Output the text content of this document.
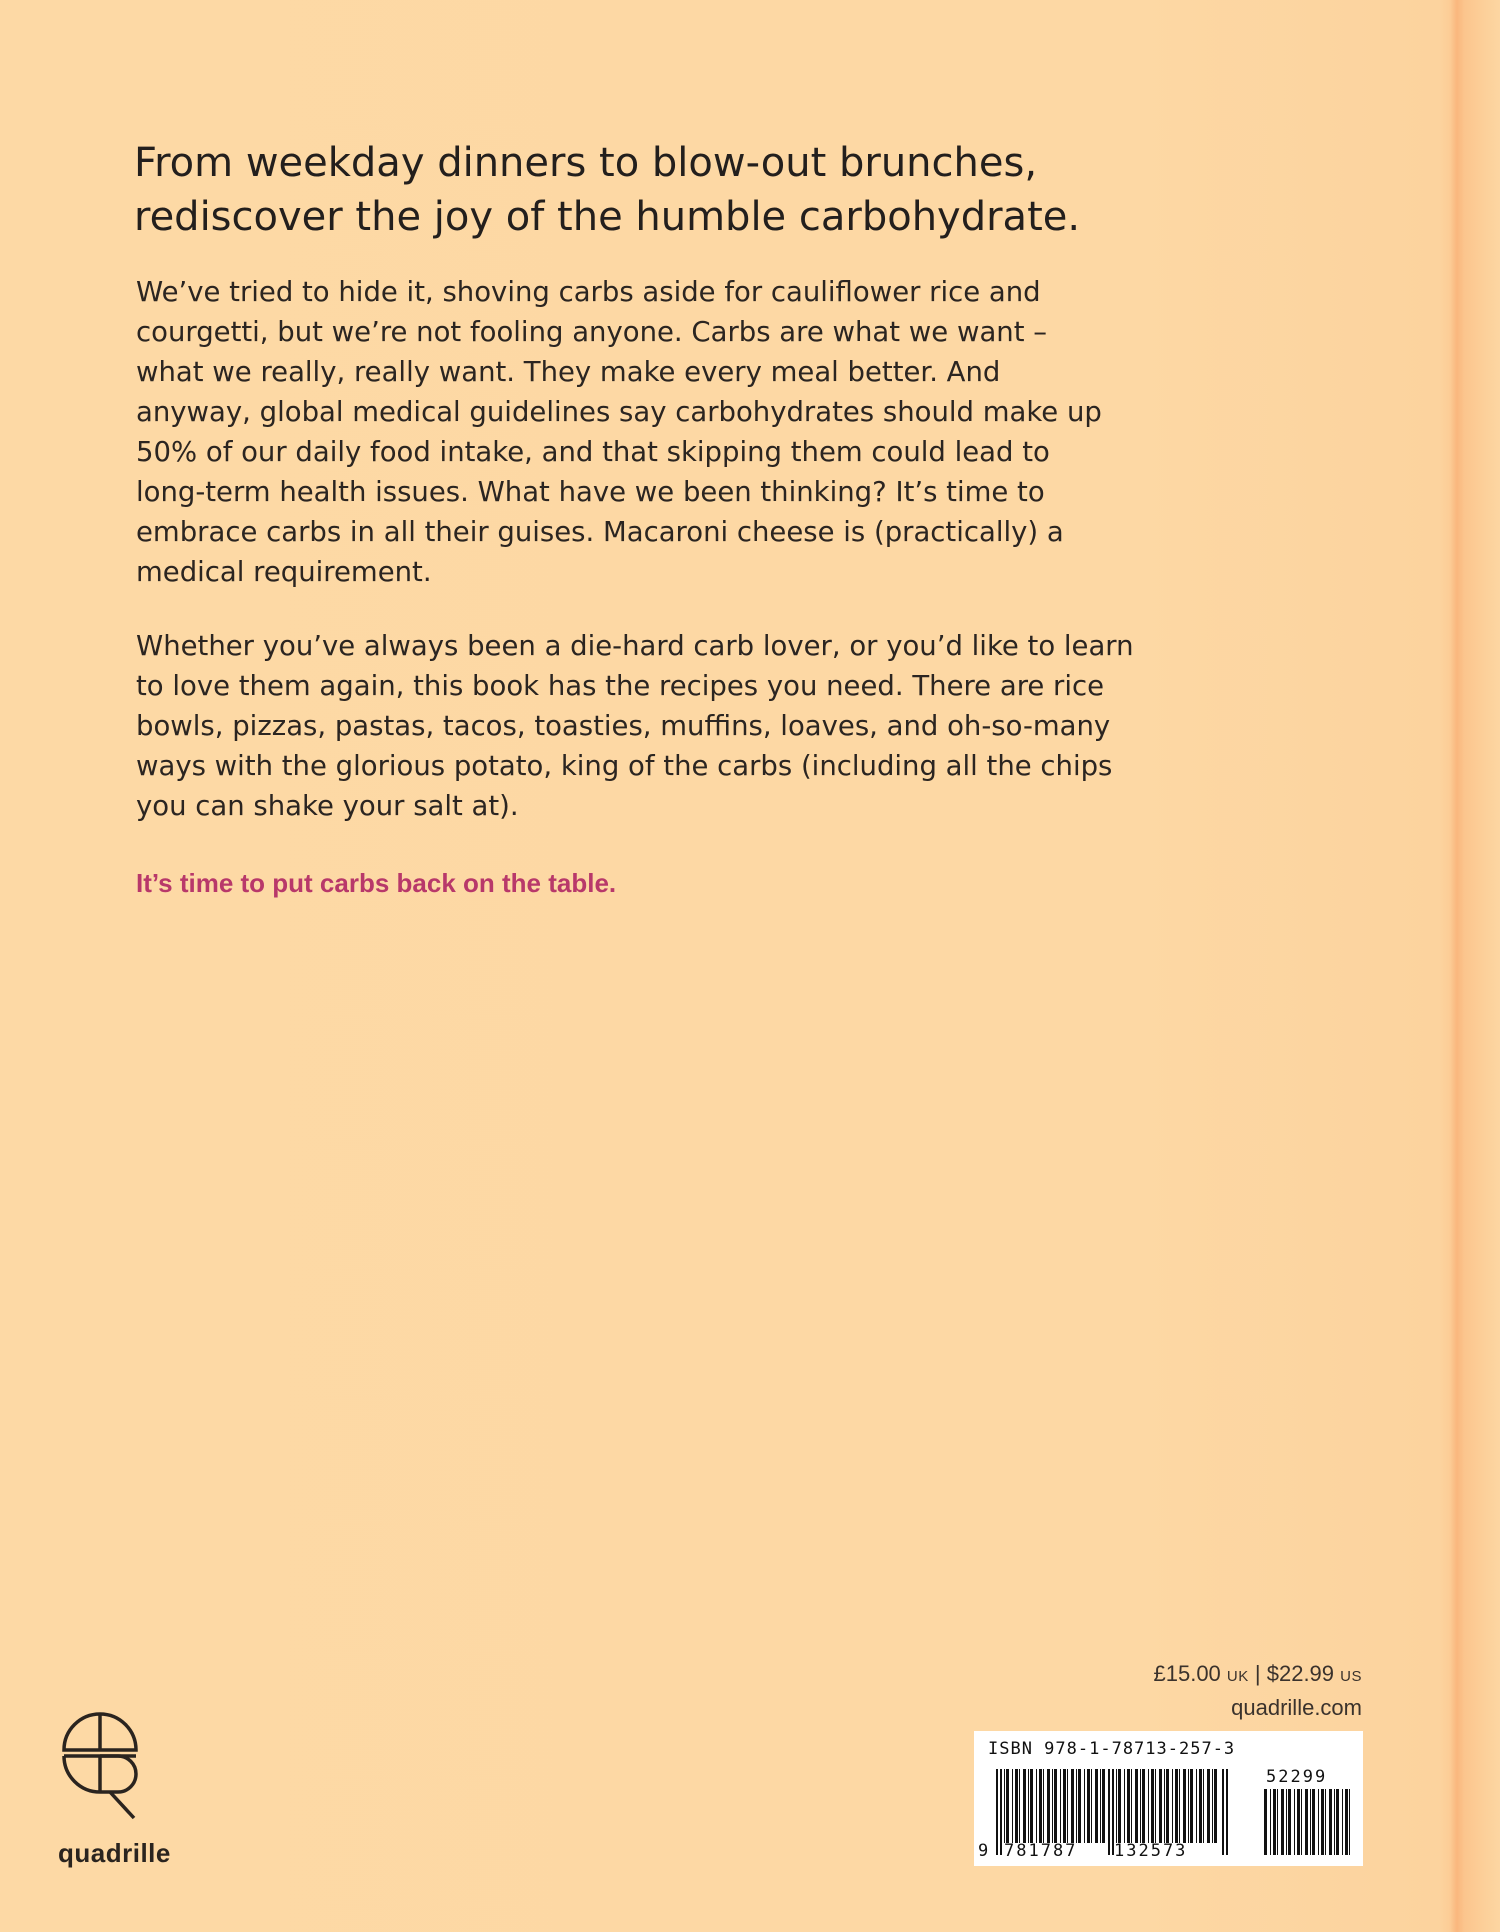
From weekday dinners to blow-out brunches,
rediscover the joy of the humble carbohydrate.

We’ve tried to hide it, shoving carbs aside for cauliflower rice and
courgetti, but we’re not fooling anyone. Carbs are what we want –
what we really, really want. They make every meal better. And
anyway, global medical guidelines say carbohydrates should make up
50% of our daily food intake, and that skipping them could lead to
long-term health issues. What have we been thinking? It’s time to
embrace carbs in all their guises. Macaroni cheese is (practically) a
medical requirement.

Whether you’ve always been a die-hard carb lover, or you’d like to learn
to love them again, this book has the recipes you need. There are rice
bowls, pizzas, pastas, tacos, toasties, muffins, loaves, and oh-so-many
ways with the glorious potato, king of the carbs (including all the chips
you can shake your salt at).

It’s time to put carbs back on the table.

£15.00 UK | $22.99 US
quadrille.com
ISBN 978-1-78713-257-3
9 781787 132573
52299
quadrille
